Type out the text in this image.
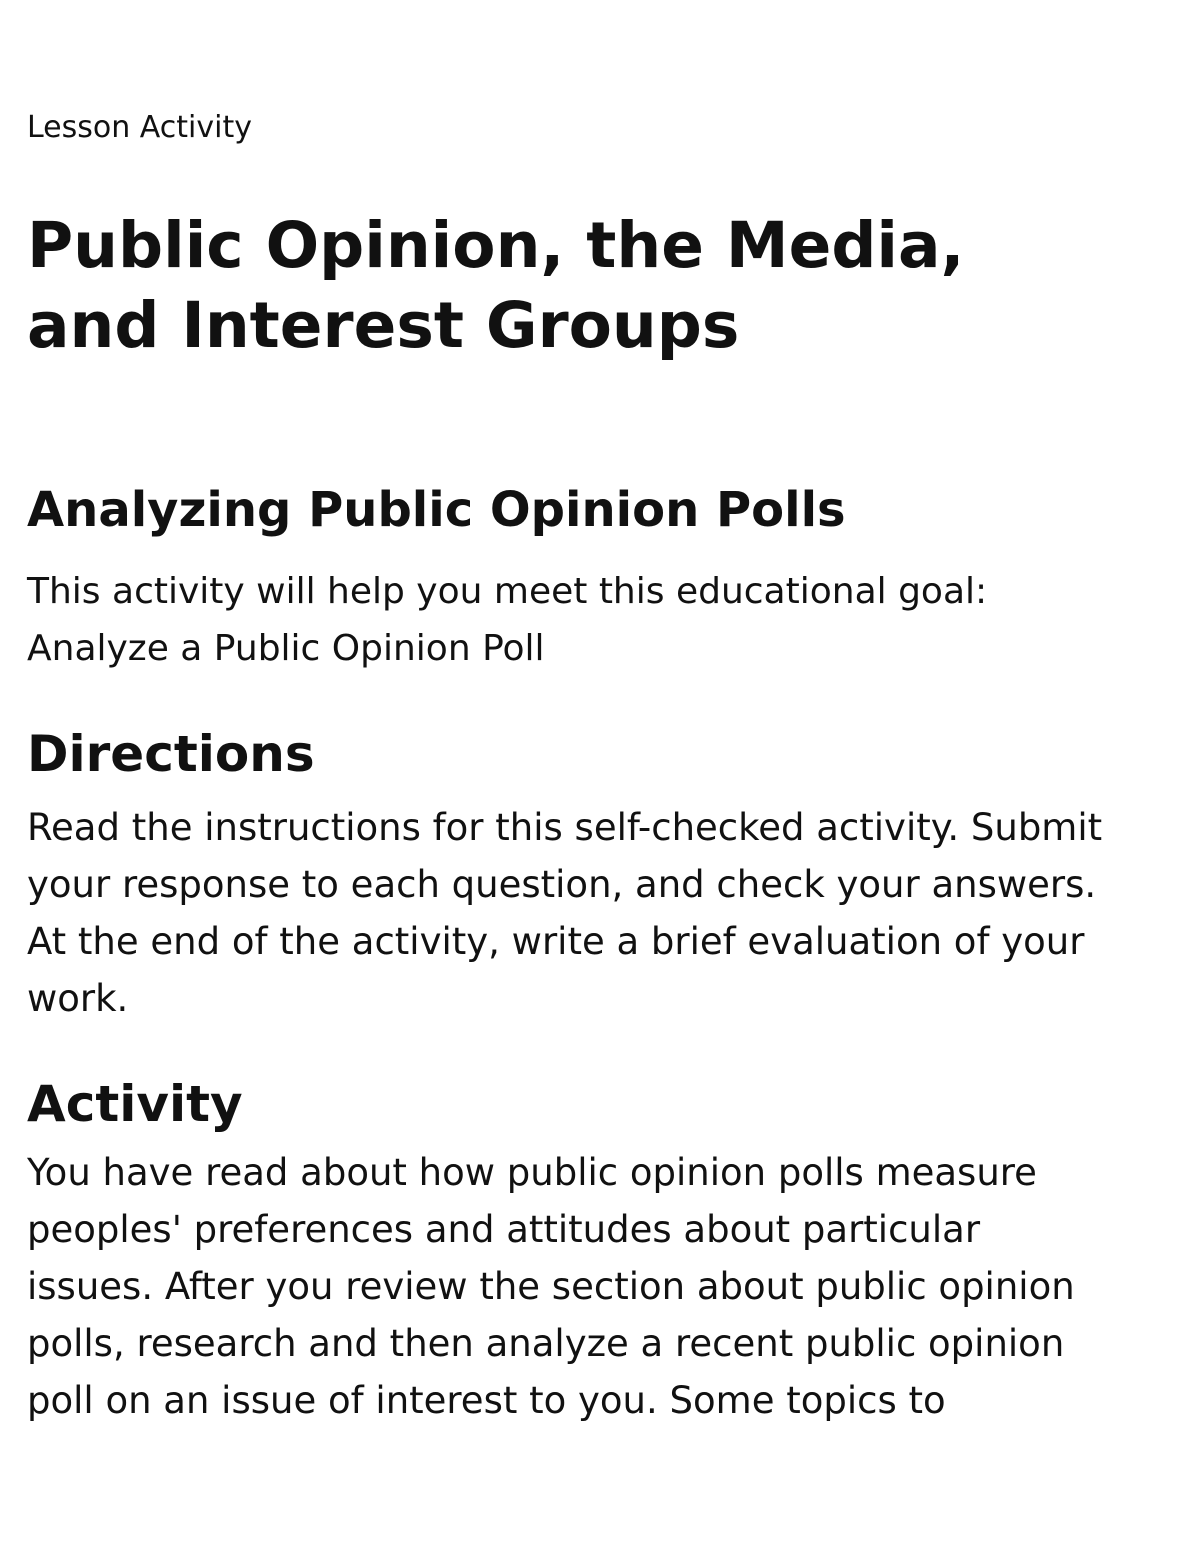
Lesson Activity

Public Opinion, the Media,
and Interest Groups
Analyzing Public Opinion Polls

This activity will help you meet this educational goal:
Analyze a Public Opinion Poll

Directions

Read the instructions for this self-checked activity. Submit
your response to each question, and check your answers.
At the end of the activity, write a brief evaluation of your
work.

Activity

You have read about how public opinion polls measure
peoples' preferences and attitudes about particular
issues. After you review the section about public opinion
polls, research and then analyze a recent public opinion
poll on an issue of interest to you. Some topics to
